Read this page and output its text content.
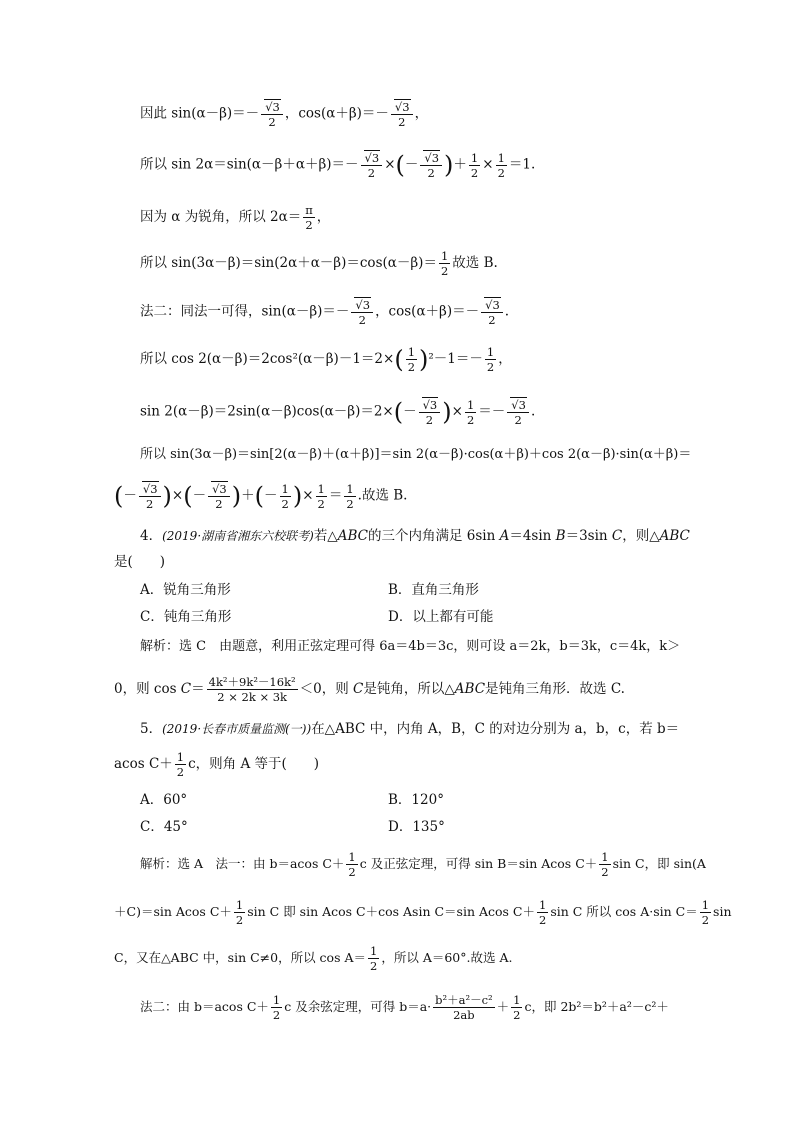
因此 $\sin(\alpha-\beta)=- \frac{√3}{2}$ ，$\cos(\alpha+\beta)=- \frac{√3}{2}$ ，
所以 $\sin 2\alpha=\sin(\alpha-\beta+\alpha+\beta)=- \frac{√3}{2}$ ×(－ $\frac{√3}{2}$ )＋ $\frac{1}{2} \times \frac{1}{2} =1$.
因为 α 为锐角，所以 $2\alpha= \frac{\pi}{2}$ ，
所以 $\sin(3\alpha-\beta)=\sin(2\alpha+\alpha-\beta)=\cos(\alpha-\beta)= \frac{1}{2}$ 故选 B.
法二：同法一可得，$\sin(\alpha-\beta)=- \frac{√3}{2}$ ，$\cos(\alpha+\beta)=- \frac{√3}{2}$ .
所以 $\cos 2(\alpha-\beta)=2\cos^2(\alpha-\beta)-1=2\times( \frac{1}{2} )^2-1=- \frac{1}{2}$ ，
$\sin 2(\alpha-\beta)=2\sin(\alpha-\beta)\cos(\alpha-\beta)=2\times(- \frac{√3}{2}$ )× $\frac{1}{2} =- \frac{√3}{2}$ .
所以 sin(3α－β)＝sin[2(α－β)＋(α＋β)]＝sin 2(α－β)·cos(α＋β)＋cos 2(α－β)·sin(α＋β)＝
(－ $\frac{√3}{2}$ )×(－ $\frac{√3}{2}$ )＋(－ $\frac{1}{2}$ )× $\frac{1}{2} = \frac{1}{2}$ .故选 B.
4．(2019·湖南省湘东六校联考)若△ABC的三个内角满足 6sin A＝4sin B＝3sin C，则△ABC
是(　　)
A．锐角三角形	B．直角三角形
C．钝角三角形	D．以上都有可能
解析：选 C　由题意，利用正弦定理可得 6a＝4b＝3c，则可设 a＝2k，b＝3k，c＝4k，k＞
0，则 $\cos C= \frac{\text{4k²＋9k²－16k²}}{2 \times 2k \times 3k} <0$，则 C是钝角，所以△ABC是钝角三角形．故选 C.
5．(2019·长春市质量监测(一))在△ABC 中，内角 A，B，C 的对边分别为 a，b，c，若 b＝
acos $C+ \frac{1}{2}$ c，则角 A 等于(　　)
A．60°	B．120°
C．45°	D．135°
解析：选 A　法一：由 b＝acos $C+ \frac{1}{2}$ c 及正弦定理，可得 sin B＝sin Acos $C+ \frac{1}{2}$ sin C，即 sin(A
＋C)＝sin Acos $C+ \frac{1}{2}$ sin C 即 sin Acos C＋cos Asin C＝sin Acos $C+ \frac{1}{2}$ sin C 所以 cos A·sin $C= \frac{1}{2}$ sin
C，又在△ABC 中，sin C≠0，所以 $\cos A= \frac{1}{2}$ ，所以 A＝60°.故选 A.
法二：由 b＝acos $C+ \frac{1}{2}$ c 及余弦定理，可得 $b=a\cdot \frac{\text{b²＋a²－c²}}{2ab} + \frac{1}{2}$ c，即 2b²＝b²＋a²－c²＋
